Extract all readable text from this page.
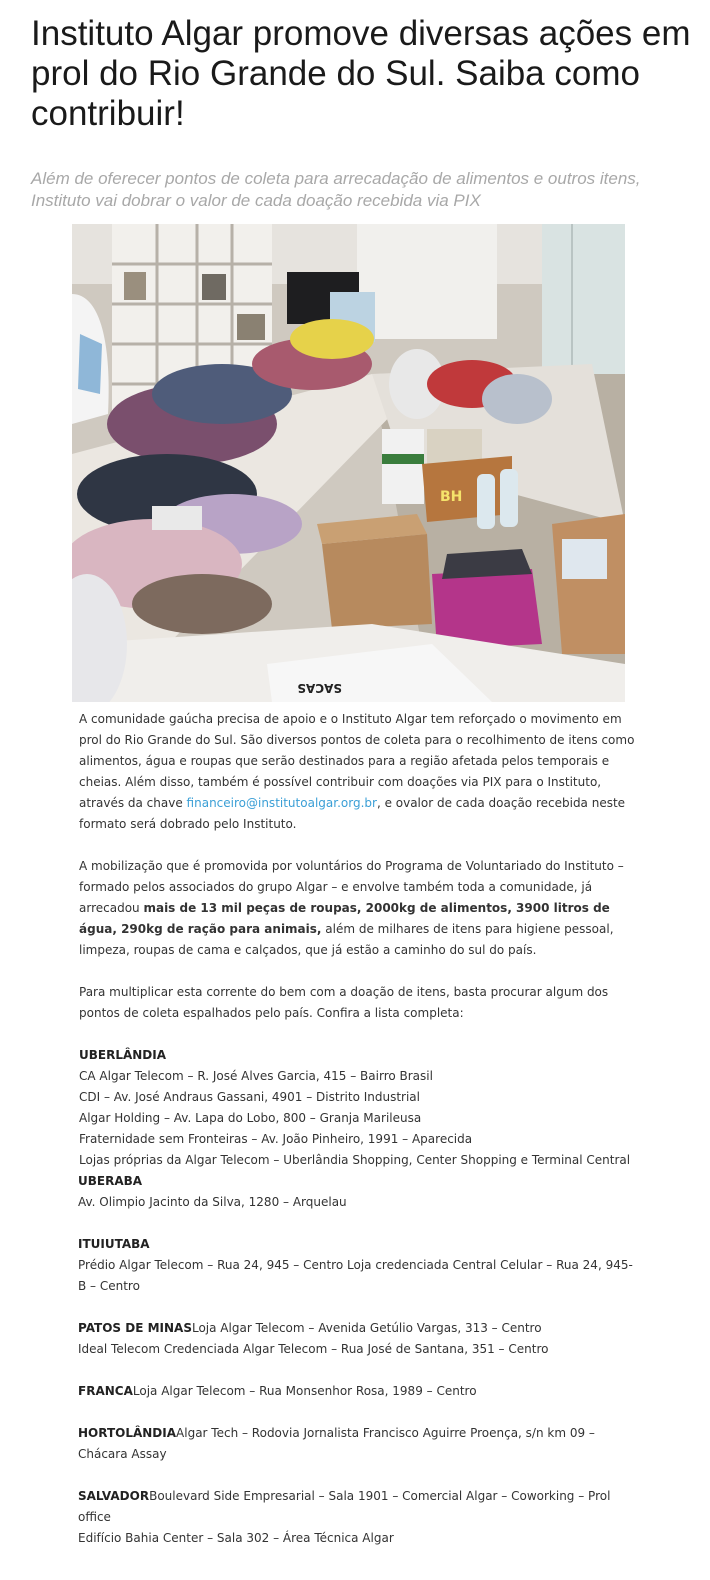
Instituto Algar promove diversas ações em prol do Rio Grande do Sul. Saiba como contribuir!

Além de oferecer pontos de coleta para arrecadação de alimentos e outros itens, Instituto vai dobrar o valor de cada doação recebida via PIX

BH
SACAS

A comunidade gaúcha precisa de apoio e o Instituto Algar tem reforçado o movimento em prol do Rio Grande do Sul. São diversos pontos de coleta para o recolhimento de itens como alimentos, água e roupas que serão destinados para a região afetada pelos temporais e cheias. Além disso, também é possível contribuir com doações via PIX para o Instituto, através da chave financeiro@institutoalgar.org.br, e ovalor de cada doação recebida neste formato será dobrado pelo Instituto.

A mobilização que é promovida por voluntários do Programa de Voluntariado do Instituto – formado pelos associados do grupo Algar – e envolve também toda a comunidade, já arrecadou mais de 13 mil peças de roupas, 2000kg de alimentos, 3900 litros de água, 290kg de ração para animais, além de milhares de itens para higiene pessoal, limpeza, roupas de cama e calçados, que já estão a caminho do sul do país.

Para multiplicar esta corrente do bem com a doação de itens, basta procurar algum dos pontos de coleta espalhados pelo país. Confira a lista completa:

UBERLÂNDIA
CA Algar Telecom – R. José Alves Garcia, 415 – Bairro Brasil
CDI – Av. José Andraus Gassani, 4901 – Distrito Industrial
Algar Holding – Av. Lapa do Lobo, 800 – Granja Marileusa
Fraternidade sem Fronteiras – Av. João Pinheiro, 1991 – Aparecida
Lojas próprias da Algar Telecom – Uberlândia Shopping, Center Shopping e Terminal Central
UBERABA
Av. Olimpio Jacinto da Silva, 1280 – Arquelau
ITUIUTABA
Prédio Algar Telecom – Rua 24, 945 – Centro Loja credenciada Central Celular – Rua 24, 945-B – Centro
PATOS DE MINASLoja Algar Telecom – Avenida Getúlio Vargas, 313 – Centro
Ideal Telecom Credenciada Algar Telecom – Rua José de Santana, 351 – Centro
FRANCALoja Algar Telecom – Rua Monsenhor Rosa, 1989 – Centro
HORTOLÂNDIAAlgar Tech – Rodovia Jornalista Francisco Aguirre Proença, s/n km 09 – Chácara Assay
SALVADORBoulevard Side Empresarial – Sala 1901 – Comercial Algar – Coworking – Prol office
Edifício Bahia Center – Sala 302 – Área Técnica Algar
